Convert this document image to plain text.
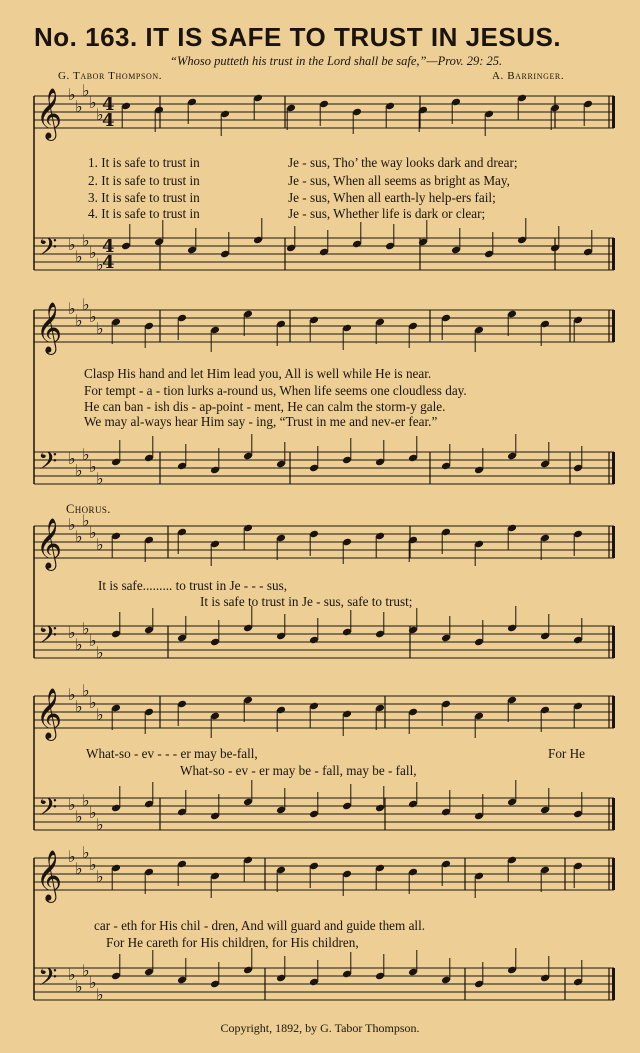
No. 163. IT IS SAFE TO TRUST IN JESUS.
“Whoso putteth his trust in the Lord shall be safe,”—Prov. 29: 25.
G. Tabor Thompson.	A. Barringer.
𝄞
𝄢
♭
♭
♭
♭
♭
♭
♭
♭
♭
♭
4
4
4
4
𝄞
𝄢
♭
♭
♭
♭
♭
♭
♭
♭
♭
♭
𝄞
𝄢
♭
♭
♭
♭
♭
♭
♭
♭
♭
♭
𝄞
𝄢
♭
♭
♭
♭
♭
♭
♭
♭
♭
♭
𝄞
𝄢
♭
♭
♭
♭
♭
♭
♭
♭
♭
♭
1. It is safe to trust in	Je - sus, Tho’ the way looks dark and drear;
2. It is safe to trust in	Je - sus, When all seems as bright as May,
3. It is safe to trust in	Je - sus, When all earth-ly help-ers fail;
4. It is safe to trust in	Je - sus, Whether life is dark or clear;
Clasp His hand and let Him lead you, All is well while He is near.
For tempt - a - tion lurks a-round us, When life seems one cloudless day.
He can ban - ish dis - ap-point - ment, He can calm the storm-y gale.
We may al-ways hear Him say - ing, “Trust in me and nev-er fear.”
Chorus.
It is safe......... to trust in Je - - - sus,
It is safe to trust in Je - sus, safe to trust;
What-so - ev - - - er may be-fall,	For He
What-so - ev - er may be - fall, may be - fall,
car - eth for His chil - dren, And will guard and guide them all.
For He careth for His children, for His children,
Copyright, 1892, by G. Tabor Thompson.
